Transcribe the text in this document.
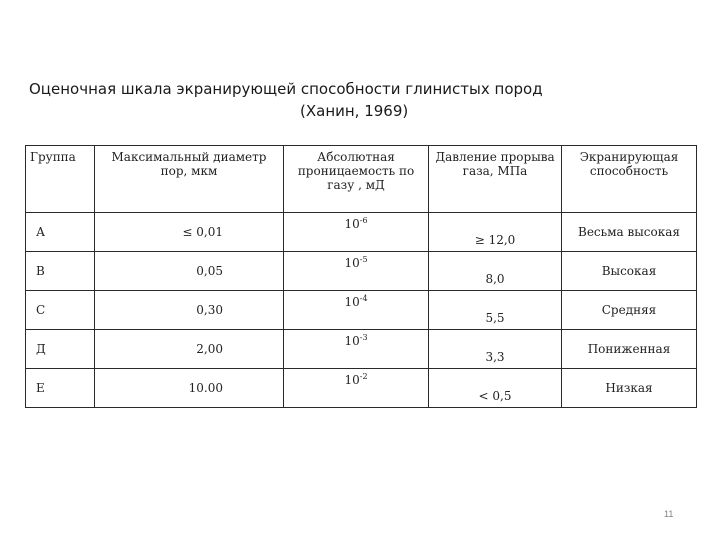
Оценочная шкала экранирующей способности глинистых пород
(Ханин, 1969)
Группа	Максимальный диаметр пор, мкм	Абсолютная проницаемость по газу , мД	Давление прорыва газа, МПа	Экранирующая способность
А	≤ 0,01	$10^{-6}$	≥ 12,0	Весьма высокая
В	0,05	$10^{-5}$	8,0	Высокая
С	0,30	$10^{-4}$	5,5	Средняя
Д	2,00	$10^{-3}$	3,3	Пониженная
Е	10.00	$10^{-2}$	< 0,5	Низкая
11
